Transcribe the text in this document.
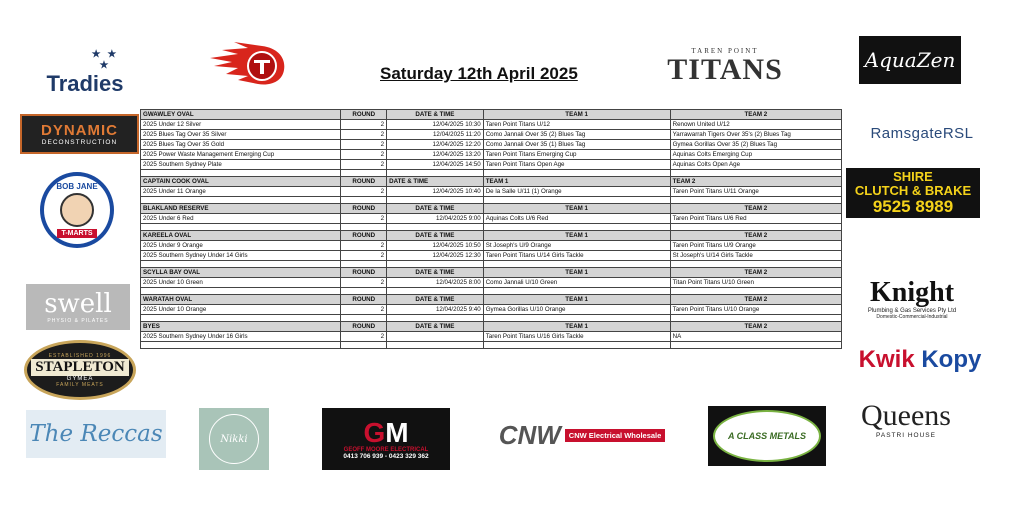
Saturday 12th April 2025
GWAWLEY OVAL	ROUND	DATE & TIME	TEAM 1	TEAM 2
2025 Under 12 Silver	2	12/04/2025 10:30	Taren Point Titans U/12	Renown United U/12
2025 Blues Tag Over 35 Silver	2	12/04/2025 11:20	Como Jannali Over 35 (2) Blues Tag	Yarrawarrah Tigers Over 35's (2) Blues Tag
2025 Blues Tag Over 35 Gold	2	12/04/2025 12:20	Como Jannali Over 35 (1) Blues Tag	Gymea Gorillas Over 35 (2) Blues Tag
2025 Power Waste Management Emerging Cup	2	12/04/2025 13:20	Taren Point Titans Emerging Cup	Aquinas Colts Emerging Cup
2025 Southern Sydney Plate	2	12/04/2025 14:50	Taren Point Titans Open Age	Aquinas Colts Open Age

CAPTAIN COOK OVAL	ROUND	DATE & TIME	TEAM 1	TEAM 2
2025 Under 11 Orange	2	12/04/2025 10:40	De la Salle U/11 (1) Orange	Taren Point Titans U/11 Orange

BLAKLAND RESERVE	ROUND	DATE & TIME	TEAM 1	TEAM 2
2025 Under 6 Red	2	12/04/2025 9:00	Aquinas Colts U/6 Red	Taren Point Titans U/6 Red

KAREELA OVAL	ROUND	DATE & TIME	TEAM 1	TEAM 2
2025 Under 9 Orange	2	12/04/2025 10:50	St Joseph's U/9 Orange	Taren Point Titans U/9 Orange
2025 Southern Sydney Under 14 Girls	2	12/04/2025 12:30	Taren Point Titans U/14 Girls Tackle	St Joseph's U/14 Girls Tackle

SCYLLA BAY OVAL	ROUND	DATE & TIME	TEAM 1	TEAM 2
2025 Under 10 Green	2	12/04/2025 8:00	Como Jannali U/10 Green	Titan Point Titans U/10 Green

WARATAH OVAL	ROUND	DATE & TIME	TEAM 1	TEAM 2
2025 Under 10 Orange	2	12/04/2025 9:40	Gymea Gorillas U/10 Orange	Taren Point Titans U/10 Orange

BYES	ROUND	DATE & TIME	TEAM 1	TEAM 2
2025 Southern Sydney Under 16 Girls	2		Taren Point Titans U/16 Girls Tackle	NA

★ ★
★
Tradies
TAREN POINT
TITANS	AquaZen
DYNAMIC
DECONSTRUCTION
RamsgateRSL
BOB JANE
T-MARTS
SHIRE
CLUTCH & BRAKE
9525 8989
swell
PHYSIO & PILATES
Knight
Plumbing & Gas Services Pty Ltd
Domestic-Commercial-Industrial
ESTABLISHED 1996
STAPLETON
GYMEA
FAMILY MEATS
Kwik
Kopy
The Reccas	Nikki	GM
GEOFF MOORE ELECTRICAL
0413 706 939 - 0423 329 362
CNW	CNW Electrical Wholesale	A CLASS METALS
Queens
PASTRI HOUSE
